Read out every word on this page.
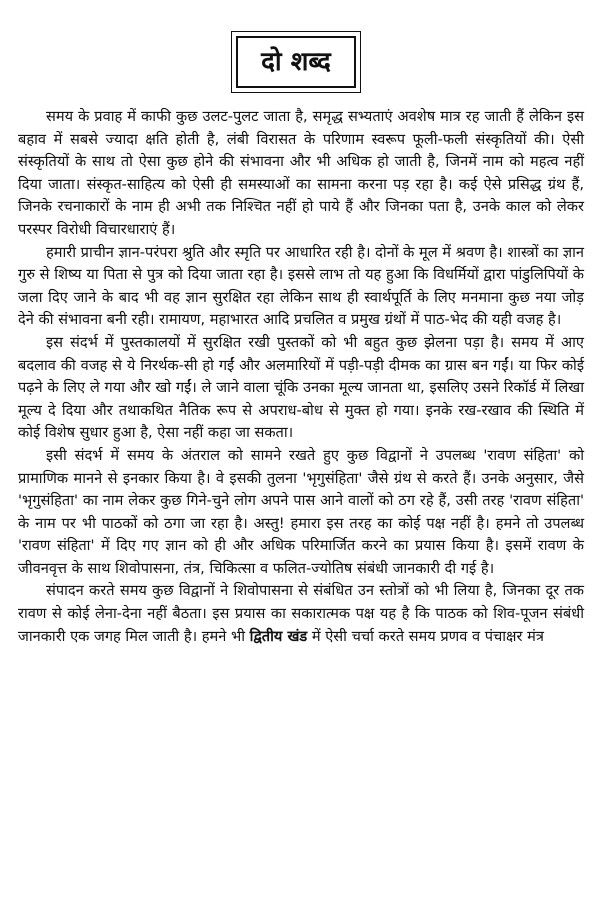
दो शब्द

समय के प्रवाह में काफी कुछ उलट-पुलट जाता है, समृद्ध सभ्यताएं अवशेष मात्र रह जाती हैं लेकिन इस बहाव में सबसे ज्यादा क्षति होती है, लंबी विरासत के परिणाम स्वरूप फूली-फली संस्कृतियों की। ऐसी संस्कृतियों के साथ तो ऐसा कुछ होने की संभावना और भी अधिक हो जाती है, जिनमें नाम को महत्व नहीं दिया जाता। संस्कृत-साहित्य को ऐसी ही समस्याओं का सामना करना पड़ रहा है। कई ऐसे प्रसिद्ध ग्रंथ हैं, जिनके रचनाकारों के नाम ही अभी तक निश्चित नहीं हो पाये हैं और जिनका पता है, उनके काल को लेकर परस्पर विरोधी विचारधाराएं हैं।

हमारी प्राचीन ज्ञान-परंपरा श्रुति और स्मृति पर आधारित रही है। दोनों के मूल में श्रवण है। शास्त्रों का ज्ञान गुरु से शिष्य या पिता से पुत्र को दिया जाता रहा है। इससे लाभ तो यह हुआ कि विधर्मियों द्वारा पांडुलिपियों के जला दिए जाने के बाद भी वह ज्ञान सुरक्षित रहा लेकिन साथ ही स्वार्थपूर्ति के लिए मनमाना कुछ नया जोड़ देने की संभावना बनी रही। रामायण, महाभारत आदि प्रचलित व प्रमुख ग्रंथों में पाठ-भेद की यही वजह है।

इस संदर्भ में पुस्तकालयों में सुरक्षित रखी पुस्तकों को भी बहुत कुछ झेलना पड़ा है। समय में आए बदलाव की वजह से ये निरर्थक-सी हो गईं और अलमारियों में पड़ी-पड़ी दीमक का ग्रास बन गईं। या फिर कोई पढ़ने के लिए ले गया और खो गईं। ले जाने वाला चूंकि उनका मूल्य जानता था, इसलिए उसने रिकॉर्ड में लिखा मूल्य दे दिया और तथाकथित नैतिक रूप से अपराध-बोध से मुक्त हो गया। इनके रख-रखाव की स्थिति में कोई विशेष सुधार हुआ है, ऐसा नहीं कहा जा सकता।

इसी संदर्भ में समय के अंतराल को सामने रखते हुए कुछ विद्वानों ने उपलब्ध 'रावण संहिता' को प्रामाणिक मानने से इनकार किया है। वे इसकी तुलना 'भृगुसंहिता' जैसे ग्रंथ से करते हैं। उनके अनुसार, जैसे 'भृगुसंहिता' का नाम लेकर कुछ गिने-चुने लोग अपने पास आने वालों को ठग रहे हैं, उसी तरह 'रावण संहिता' के नाम पर भी पाठकों को ठगा जा रहा है। अस्तु! हमारा इस तरह का कोई पक्ष नहीं है। हमने तो उपलब्ध 'रावण संहिता' में दिए गए ज्ञान को ही और अधिक परिमार्जित करने का प्रयास किया है। इसमें रावण के जीवनवृत्त के साथ शिवोपासना, तंत्र, चिकित्सा व फलित-ज्योतिष संबंधी जानकारी दी गई है।

संपादन करते समय कुछ विद्वानों ने शिवोपासना से संबंधित उन स्तोत्रों को भी लिया है, जिनका दूर तक रावण से कोई लेना-देना नहीं बैठता। इस प्रयास का सकारात्मक पक्ष यह है कि पाठक को शिव-पूजन संबंधी जानकारी एक जगह मिल जाती है। हमने भी द्वितीय खंड में ऐसी चर्चा करते समय प्रणव व पंचाक्षर मंत्र
